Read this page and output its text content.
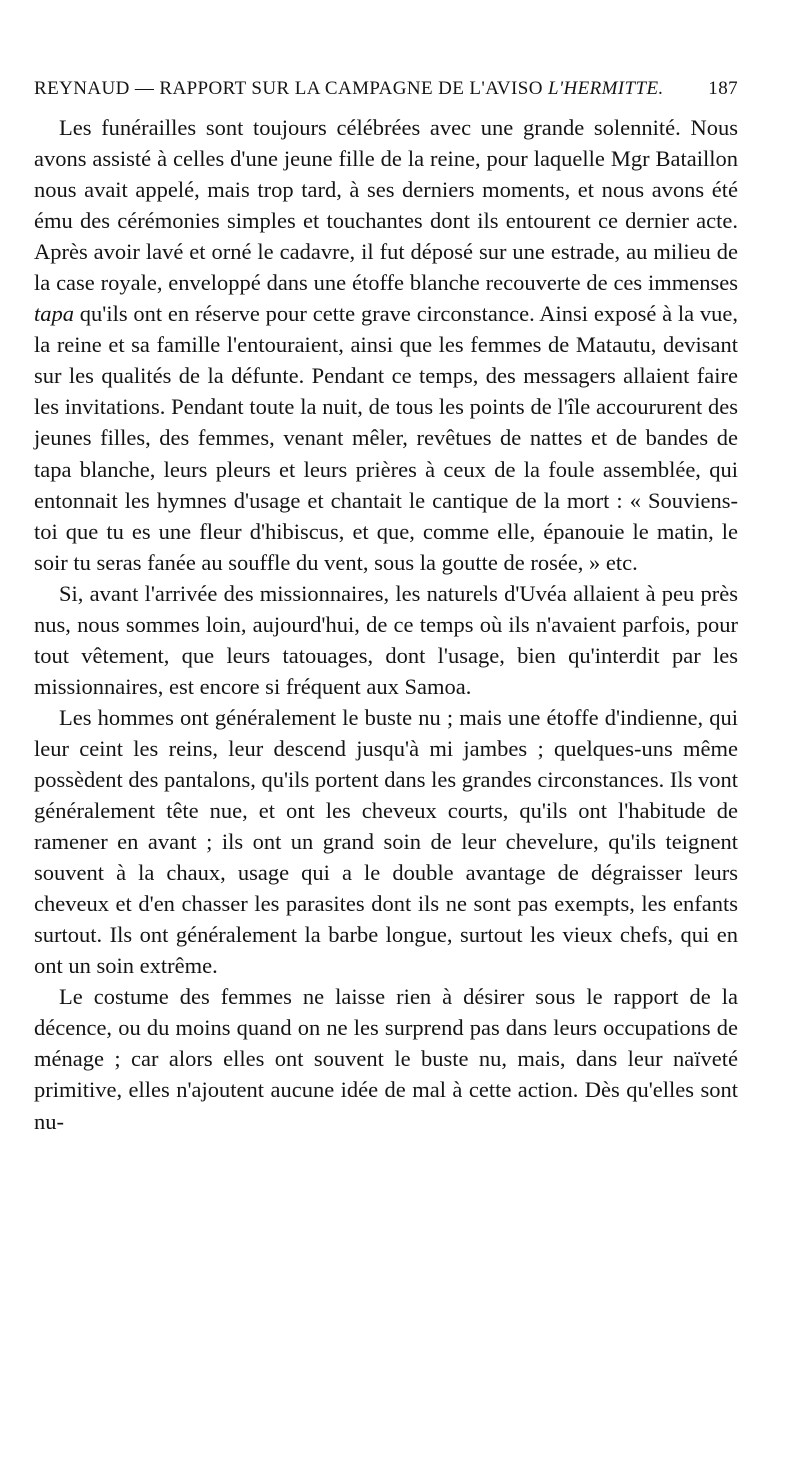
REYNAUD — RAPPORT SUR LA CAMPAGNE DE L'AVISO L'HERMITTE. 187

Les funérailles sont toujours célébrées avec une grande solennité. Nous avons assisté à celles d'une jeune fille de la reine, pour laquelle Mgr Bataillon nous avait appelé, mais trop tard, à ses derniers moments, et nous avons été ému des cérémonies simples et touchantes dont ils entourent ce dernier acte. Après avoir lavé et orné le cadavre, il fut déposé sur une estrade, au milieu de la case royale, enveloppé dans une étoffe blanche recouverte de ces immenses tapa qu'ils ont en réserve pour cette grave circonstance. Ainsi exposé à la vue, la reine et sa famille l'entouraient, ainsi que les femmes de Matautu, devisant sur les qualités de la défunte. Pendant ce temps, des messagers allaient faire les invitations. Pendant toute la nuit, de tous les points de l'île accoururent des jeunes filles, des femmes, venant mêler, revêtues de nattes et de bandes de tapa blanche, leurs pleurs et leurs prières à ceux de la foule assemblée, qui entonnait les hymnes d'usage et chantait le cantique de la mort : « Souviens-toi que tu es une fleur d'hibiscus, et que, comme elle, épanouie le matin, le soir tu seras fanée au souffle du vent, sous la goutte de rosée, » etc.

Si, avant l'arrivée des missionnaires, les naturels d'Uvéa allaient à peu près nus, nous sommes loin, aujourd'hui, de ce temps où ils n'avaient parfois, pour tout vêtement, que leurs tatouages, dont l'usage, bien qu'interdit par les missionnaires, est encore si fréquent aux Samoa.

Les hommes ont généralement le buste nu ; mais une étoffe d'indienne, qui leur ceint les reins, leur descend jusqu'à mi jambes ; quelques-uns même possèdent des pantalons, qu'ils portent dans les grandes circonstances. Ils vont généralement tête nue, et ont les cheveux courts, qu'ils ont l'habitude de ramener en avant ; ils ont un grand soin de leur chevelure, qu'ils teignent souvent à la chaux, usage qui a le double avantage de dégraisser leurs cheveux et d'en chasser les parasites dont ils ne sont pas exempts, les enfants surtout. Ils ont généralement la barbe longue, surtout les vieux chefs, qui en ont un soin extrême.

Le costume des femmes ne laisse rien à désirer sous le rapport de la décence, ou du moins quand on ne les surprend pas dans leurs occupations de ménage ; car alors elles ont souvent le buste nu, mais, dans leur naïveté primitive, elles n'ajoutent aucune idée de mal à cette action. Dès qu'elles sont nu-
